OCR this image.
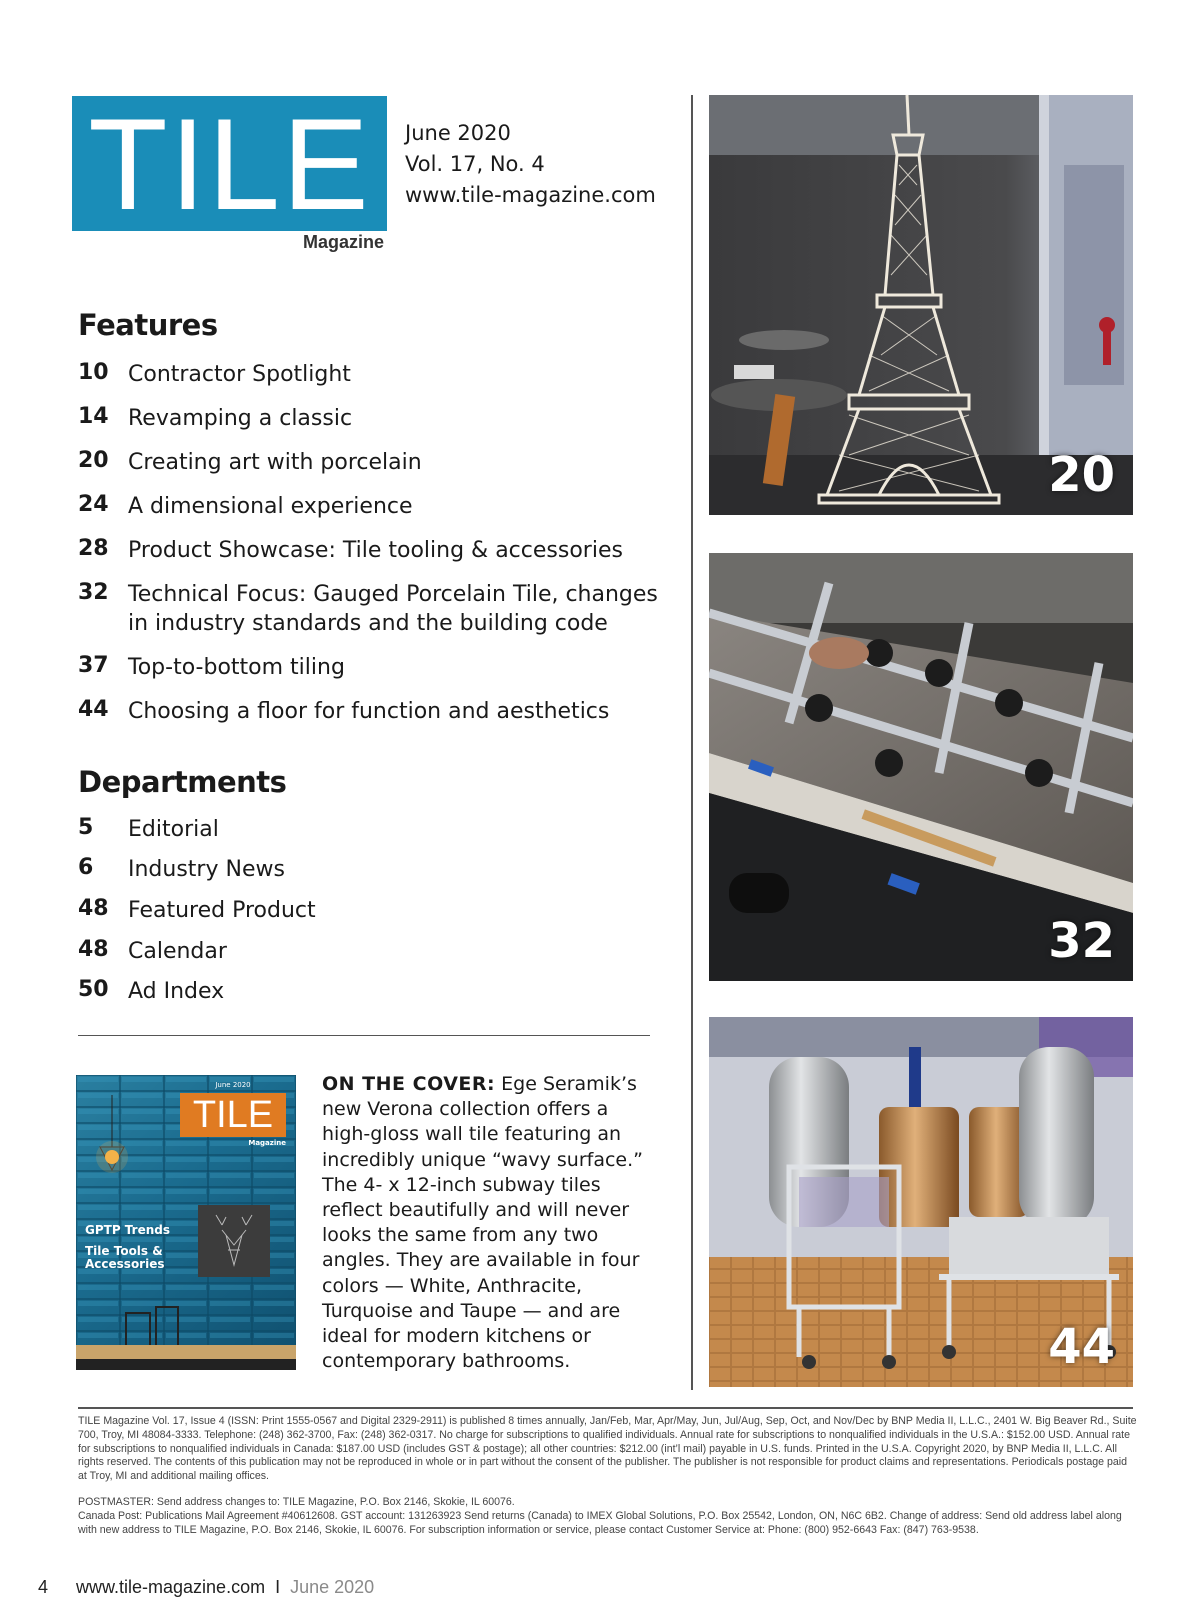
TILE
Magazine
June 2020
Vol. 17, No. 4
www.tile-magazine.com
Features
10 Contractor Spotlight
14 Revamping a classic
20 Creating art with porcelain
24 A dimensional experience
28 Product Showcase: Tile tooling & accessories
32 Technical Focus: Gauged Porcelain Tile, changes in industry standards and the building code
37 Top-to-bottom tiling
44 Choosing a floor for function and aesthetics
Departments
5	Editorial
6	Industry News
48 Featured Product
48 Calendar
50 Ad Index
June 2020
TILE
Magazine
GPTP Trends
Tile Tools & Accessories
ON THE COVER: Ege Seramik’s new Verona collection offers a high-gloss wall tile featuring an incredibly unique “wavy surface.” The 4- x 12-inch subway tiles reflect beautifully and will never looks the same from any two angles. They are available in four colors — White, Anthracite, Turquoise and Taupe — and are ideal for modern kitchens or contemporary bathrooms.
20
32
44
TILE Magazine Vol. 17, Issue 4 (ISSN: Print 1555-0567 and Digital 2329-2911) is published 8 times annually, Jan/Feb, Mar, Apr/May, Jun, Jul/Aug, Sep, Oct, and Nov/Dec by BNP Media II, L.L.C., 2401 W. Big Beaver Rd., Suite 700, Troy, MI 48084-3333. Telephone: (248) 362-3700, Fax: (248) 362-0317. No charge for subscriptions to qualified individuals. Annual rate for subscriptions to nonqualified individuals in the U.S.A.: $152.00 USD. Annual rate for subscriptions to nonqualified individuals in Canada: $187.00 USD (includes GST & postage); all other countries: $212.00 (int’l mail) payable in U.S. funds. Printed in the U.S.A. Copyright 2020, by BNP Media II, L.L.C. All rights reserved. The contents of this publication may not be reproduced in whole or in part without the consent of the publisher. The publisher is not responsible for product claims and representations. Periodicals postage paid at Troy, MI and additional mailing offices.
POSTMASTER: Send address changes to: TILE Magazine, P.O. Box 2146, Skokie, IL 60076.
Canada Post: Publications Mail Agreement #40612608. GST account: 131263923 Send returns (Canada) to IMEX Global Solutions, P.O. Box 25542, London, ON, N6C 6B2. Change of address: Send old address label along with new address to TILE Magazine, P.O. Box 2146, Skokie, IL 60076. For subscription information or service, please contact Customer Service at: Phone: (800) 952-6643 Fax: (847) 763-9538.
4 www.tile-magazine.com I June 2020
